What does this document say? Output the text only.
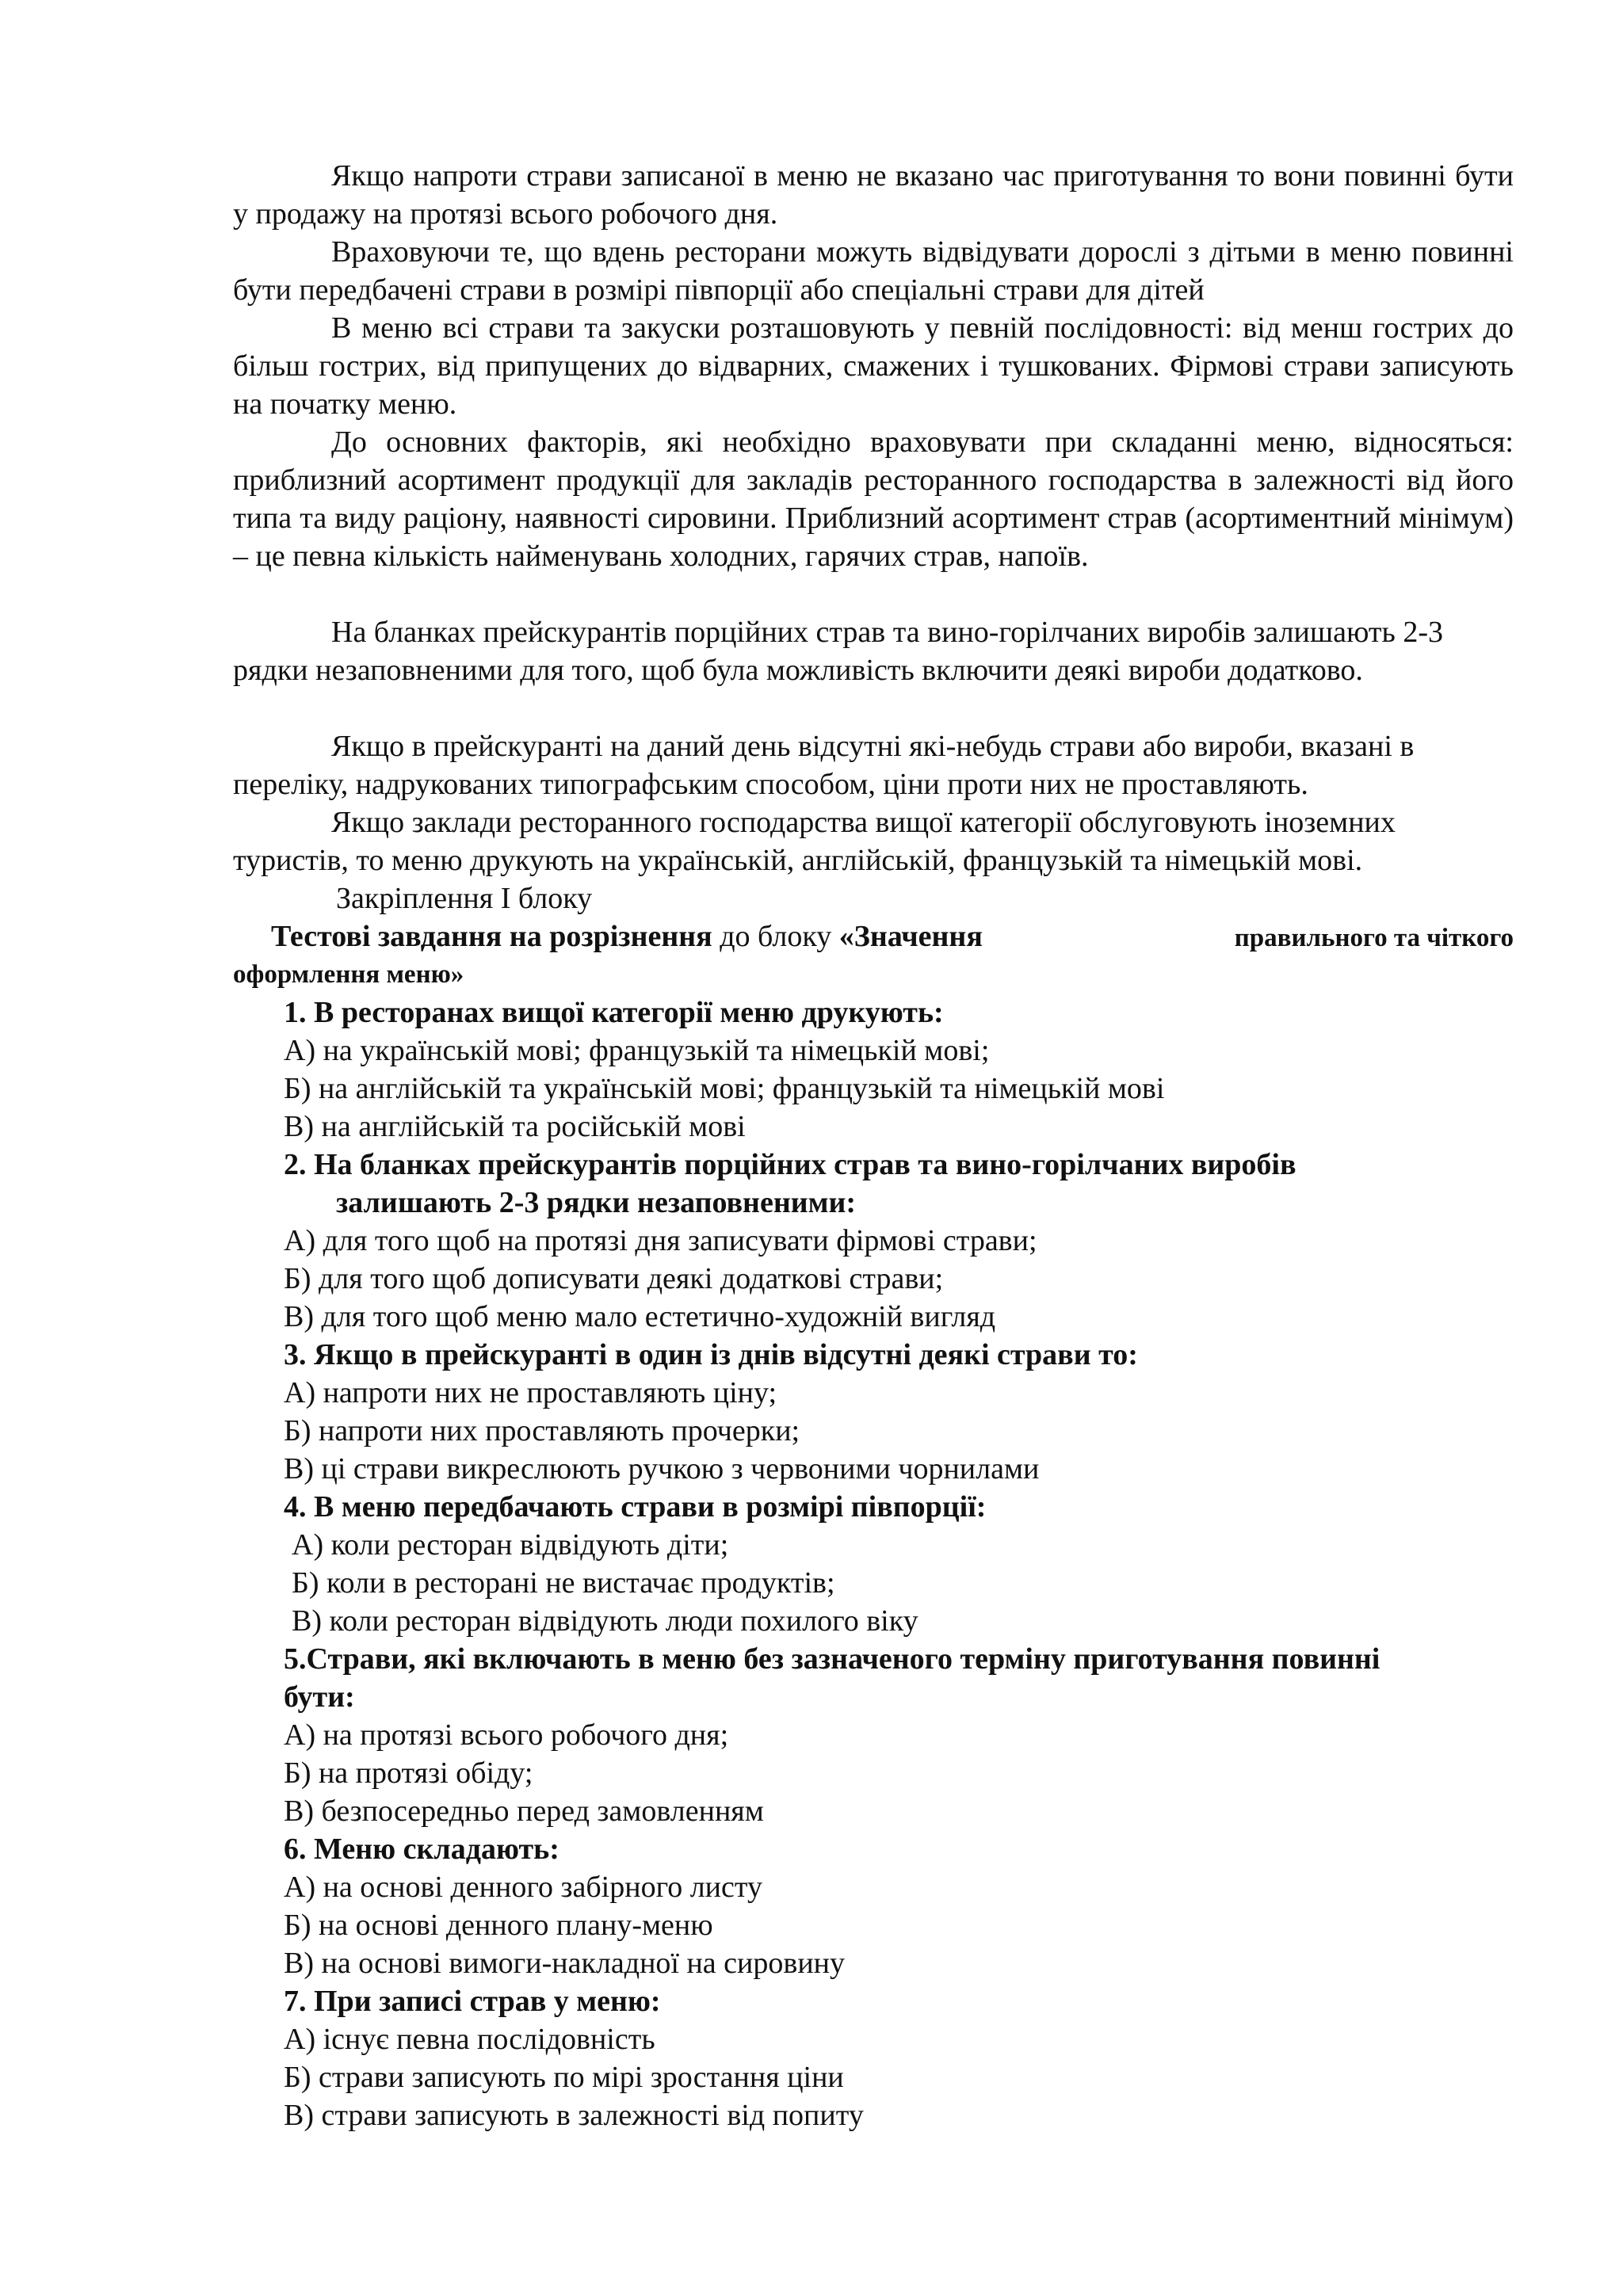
Якщо напроти страви записаної в меню не вказано час приготування то вони повинні бути у продажу на протязі всього робочого дня.

Враховуючи те, що вдень ресторани можуть відвідувати дорослі з дітьми в меню повинні бути передбачені страви в розмірі півпорції або спеціальні страви для дітей

В меню всі страви та закуски розташовують у певній послідовності: від менш гострих до більш гострих, від припущених до відварних, смажених і тушкованих. Фірмові страви записують на початку меню.

До основних факторів, які необхідно враховувати при складанні меню, відносяться: приблизний асортимент продукції для закладів ресторанного господарства в залежності від його типа та виду раціону, наявності сировини. Приблизний асортимент страв (асортиментний мінімум) – це певна кількість найменувань холодних, гарячих страв, напоїв.

На бланках прейскурантів порційних страв та вино-горілчаних виробів залишають 2-3 рядки незаповненими для того, щоб була можливість включити деякі вироби додатково.

Якщо в прейскуранті на даний день відсутні які-небудь страви або вироби, вказані в переліку, надрукованих типографським способом, ціни проти них не проставляють.

Якщо заклади ресторанного господарства вищої категорії обслуговують іноземних туристів, то меню друкують на українській, англійській, французькій та німецькій мові.

Закріплення І блоку

Тестові завдання на розрізнення до блоку «Значення	правильного та чіткого

оформлення меню»

1. В ресторанах вищої категорії меню друкують:

А) на українській мові; французькій та німецькій мові;

Б) на англійській та українській мові; французькій та німецькій мові

В) на англійській та російській мові

2. На бланках прейскурантів порційних страв та вино-горілчаних виробів

залишають 2-3 рядки незаповненими:

А) для того щоб на протязі дня записувати фірмові страви;

Б) для того щоб дописувати деякі додаткові страви;

В) для того щоб меню мало естетично-художній вигляд

3. Якщо в прейскуранті в один із днів відсутні деякі страви то:

А) напроти них не проставляють ціну;

Б) напроти них проставляють прочерки;

В) ці страви викреслюють ручкою з червоними чорнилами

4. В меню передбачають страви в розмірі півпорції:

А) коли ресторан відвідують діти;

Б) коли в ресторані не вистачає продуктів;

В) коли ресторан відвідують люди похилого віку

5.Страви, які включають в меню без зазначеного терміну приготування повинні

бути:

А) на протязі всього робочого дня;

Б) на протязі обіду;

В) безпосередньо перед замовленням

6. Меню складають:

А) на основі денного забірного листу

Б) на основі денного плану-меню

В) на основі вимоги-накладної на сировину

7. При записі страв у меню:

А) існує певна послідовність

Б) страви записують по мірі зростання ціни

В) страви записують в залежності від попиту
